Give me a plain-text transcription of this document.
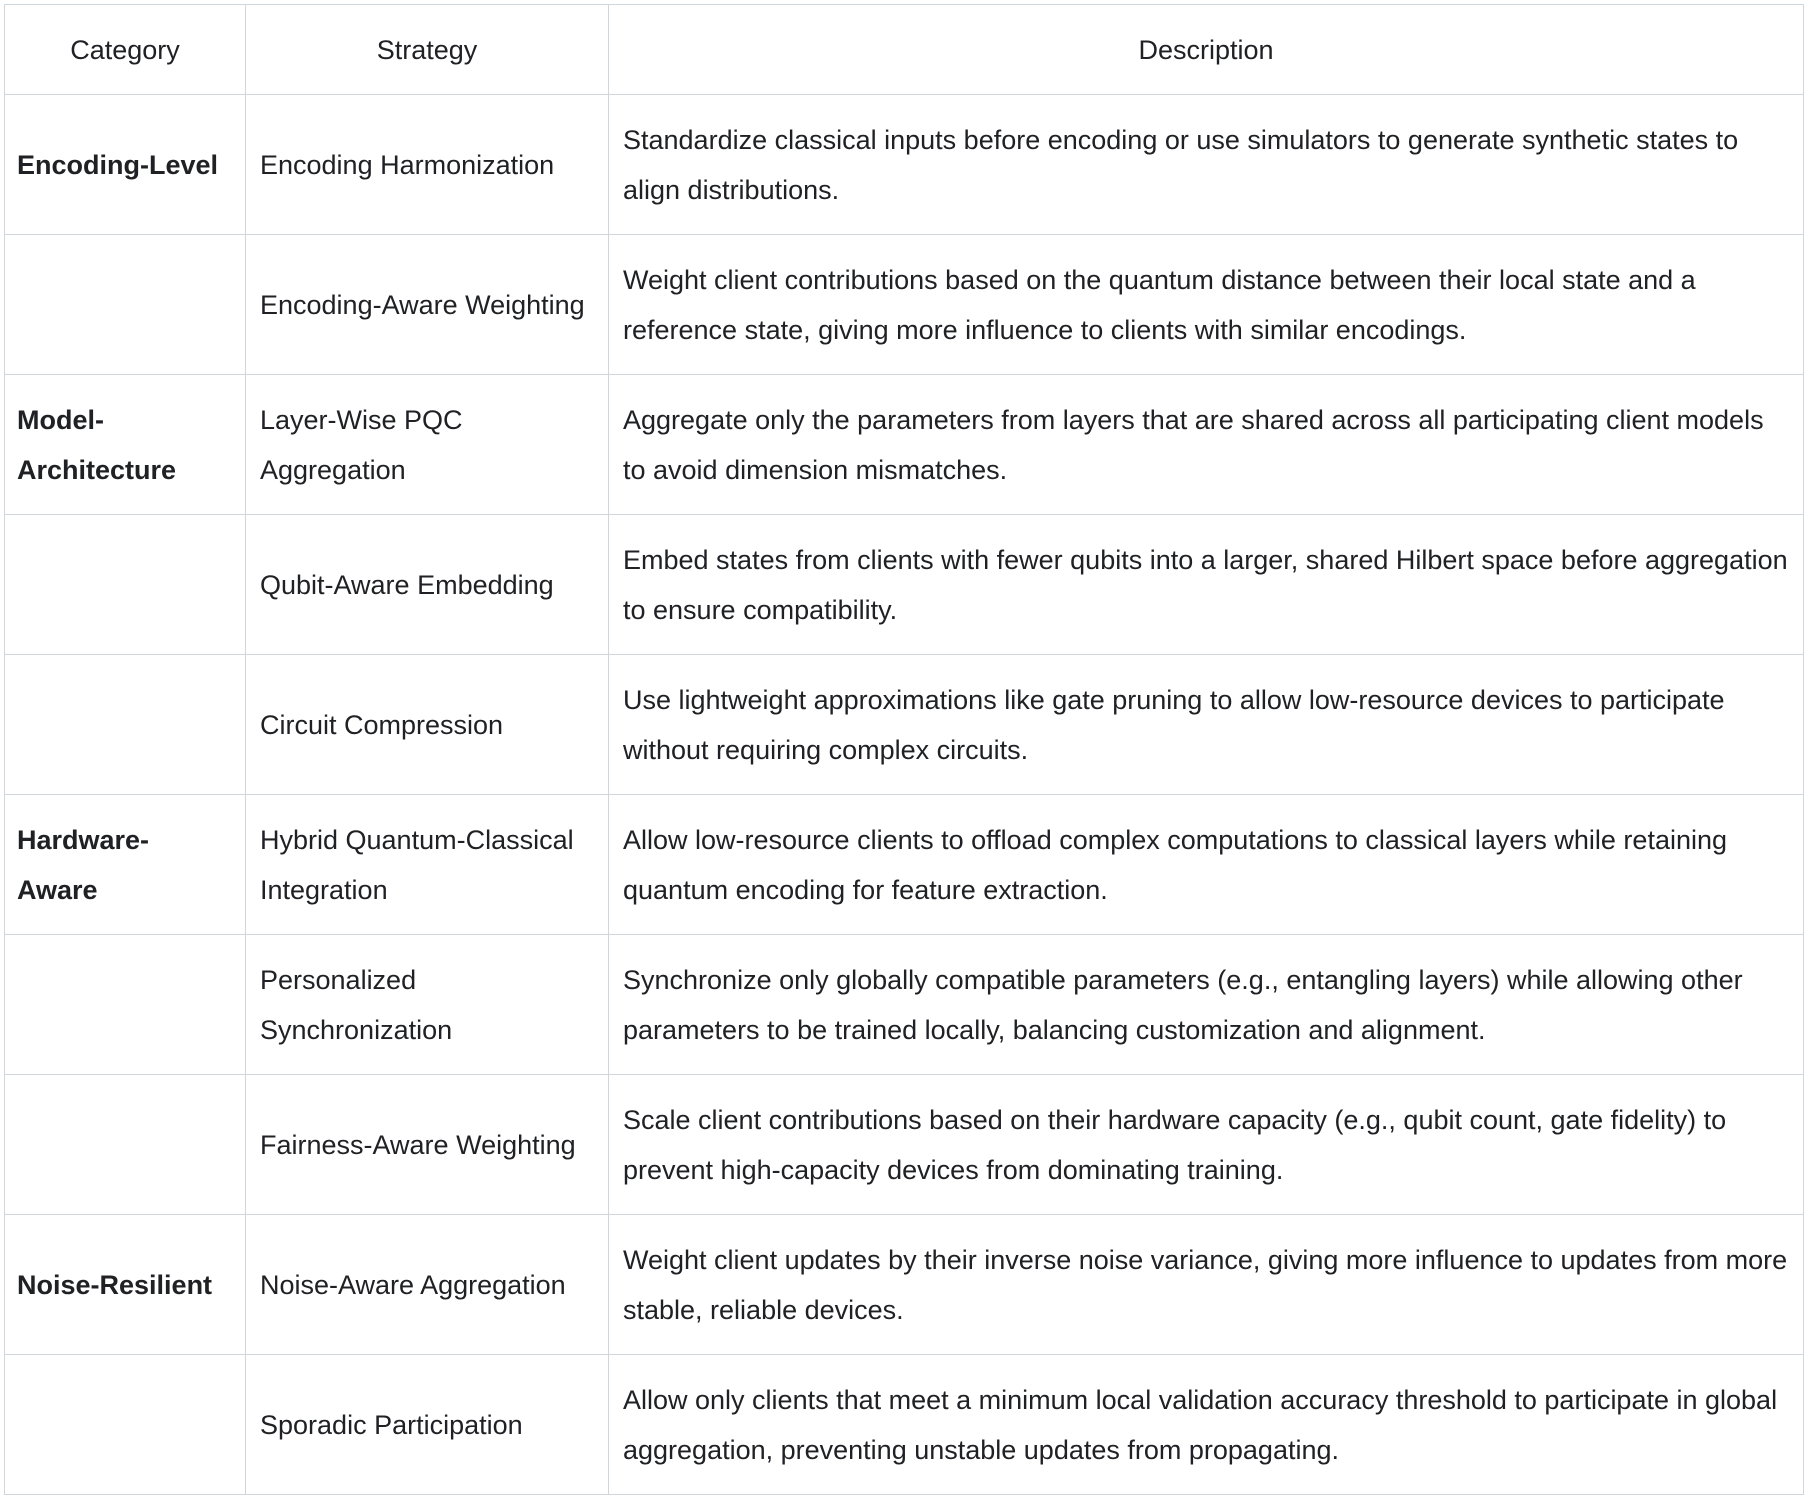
Category	Strategy	Description
Encoding-Level	Encoding Harmonization	Standardize classical inputs before encoding or use simulators to generate synthetic states to align distributions.
	Encoding-Aware Weighting	Weight client contributions based on the quantum distance between their local state and a reference state, giving more influence to clients with similar encodings.
Model-Architecture	Layer-Wise PQC Aggregation	Aggregate only the parameters from layers that are shared across all participating client models to avoid dimension mismatches.
	Qubit-Aware Embedding	Embed states from clients with fewer qubits into a larger, shared Hilbert space before aggregation to ensure compatibility.
	Circuit Compression	Use lightweight approximations like gate pruning to allow low-resource devices to participate without requiring complex circuits.
Hardware-Aware	Hybrid Quantum-Classical Integration	Allow low-resource clients to offload complex computations to classical layers while retaining quantum encoding for feature extraction.
	Personalized Synchronization	Synchronize only globally compatible parameters (e.g., entangling layers) while allowing other parameters to be trained locally, balancing customization and alignment.
	Fairness-Aware Weighting	Scale client contributions based on their hardware capacity (e.g., qubit count, gate fidelity) to prevent high-capacity devices from dominating training.
Noise-Resilient	Noise-Aware Aggregation	Weight client updates by their inverse noise variance, giving more influence to updates from more stable, reliable devices.
	Sporadic Participation	Allow only clients that meet a minimum local validation accuracy threshold to participate in global aggregation, preventing unstable updates from propagating.
